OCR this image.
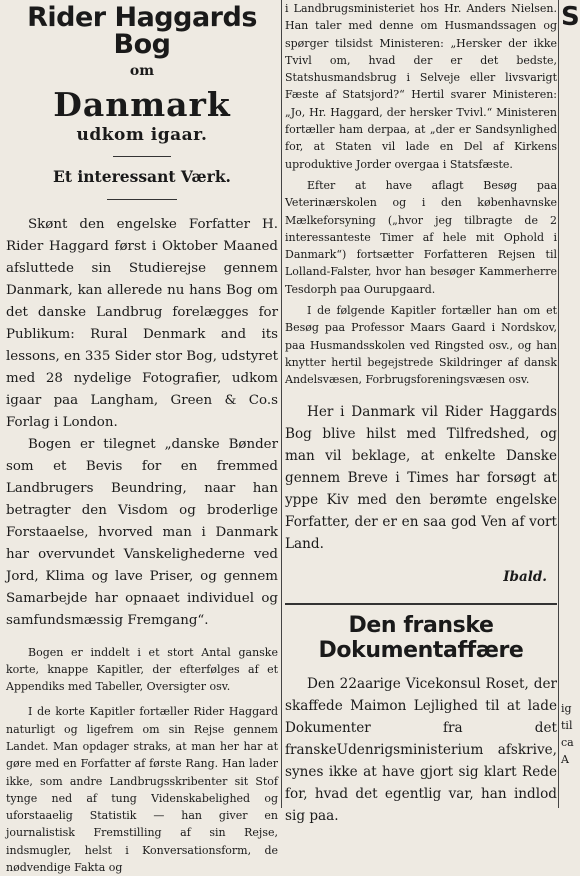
Rider Haggards Bog
om
Danmark
udkom igaar.
Et interessant Værk.

Skønt den engelske Forfatter H. Rider Haggard først i Oktober Maaned afsluttede sin Studierejse gennem Danmark, kan allerede nu hans Bog om det danske Landbrug forelægges for Publikum: Rural Denmark and its lessons, en 335 Sider stor Bog, udstyret med 28 nydelige Fotografier, udkom igaar paa Langham, Green & Co.s Forlag i London.

Bogen er tilegnet „danske Bønder som et Bevis for en fremmed Landbrugers Beundring, naar han betragter den Visdom og broderlige Forstaaelse, hvorved man i Danmark har overvundet Vanskelighederne ved Jord, Klima og lave Priser, og gennem Samarbejde har opnaaet individuel og samfundsmæssig Fremgang“.

Bogen er inddelt i et stort Antal ganske korte, knappe Kapitler, der efterfølges af et Appendiks med Tabeller, Oversigter osv.

I de korte Kapitler fortæller Rider Haggard naturligt og ligefrem om sin Rejse gennem Landet. Man opdager straks, at man her har at gøre med en Forfatter af første Rang. Han lader ikke, som andre Landbrugsskribenter sit Stof tynge ned af tung Videnskabelighed og uforstaaelig Statistik — han giver en journalistisk Fremstilling af sin Rejse, indsmugler, helst i Konversationsform, de nødvendige Fakta og

i Landbrugsministeriet hos Hr. Anders Nielsen. Han taler med denne om Husmandssagen og spørger tilsidst Ministeren: „Hersker der ikke Tvivl om, hvad der er det bedste, Statshusmandsbrug i Selveje eller livsvarigt Fæste af Statsjord?“ Hertil svarer Ministeren: „Jo, Hr. Haggard, der hersker Tvivl.“ Ministeren fortæller ham derpaa, at „der er Sandsynlighed for, at Staten vil lade en Del af Kirkens uproduktive Jorder overgaa i Statsfæste.

Efter at have aflagt Besøg paa Veterinærskolen og i den københavnske Mælkeforsyning („hvor jeg tilbragte de 2 interessanteste Timer af hele mit Ophold i Danmark“) fortsætter Forfatteren Rejsen til Lolland-Falster, hvor han besøger Kammerherre Tesdorph paa Ourupgaard.

I de følgende Kapitler fortæller han om et Besøg paa Professor Maars Gaard i Nordskov, paa Husmandsskolen ved Ringsted osv., og han knytter hertil begejstrede Skildringer af dansk Andelsvæsen, Forbrugsforeningsvæsen osv.

Her i Danmark vil Rider Haggards Bog blive hilst med Tilfredshed, og man vil beklage, at enkelte Danske gennem Breve i Times har forsøgt at yppe Kiv med den berømte engelske Forfatter, der er en saa god Ven af vort Land.

Ibald.
Den franske Dokumentaffære

Den 22aarige Vicekonsul Roset, der skaffede Maimon Lejlighed til at lade Dokumenter fra det franskeUdenrigsministerium afskrive, synes ikke at have gjort sig klart Rede for, hvad det egentlig var, han indlod sig paa.

S
ig
til
ca
A
